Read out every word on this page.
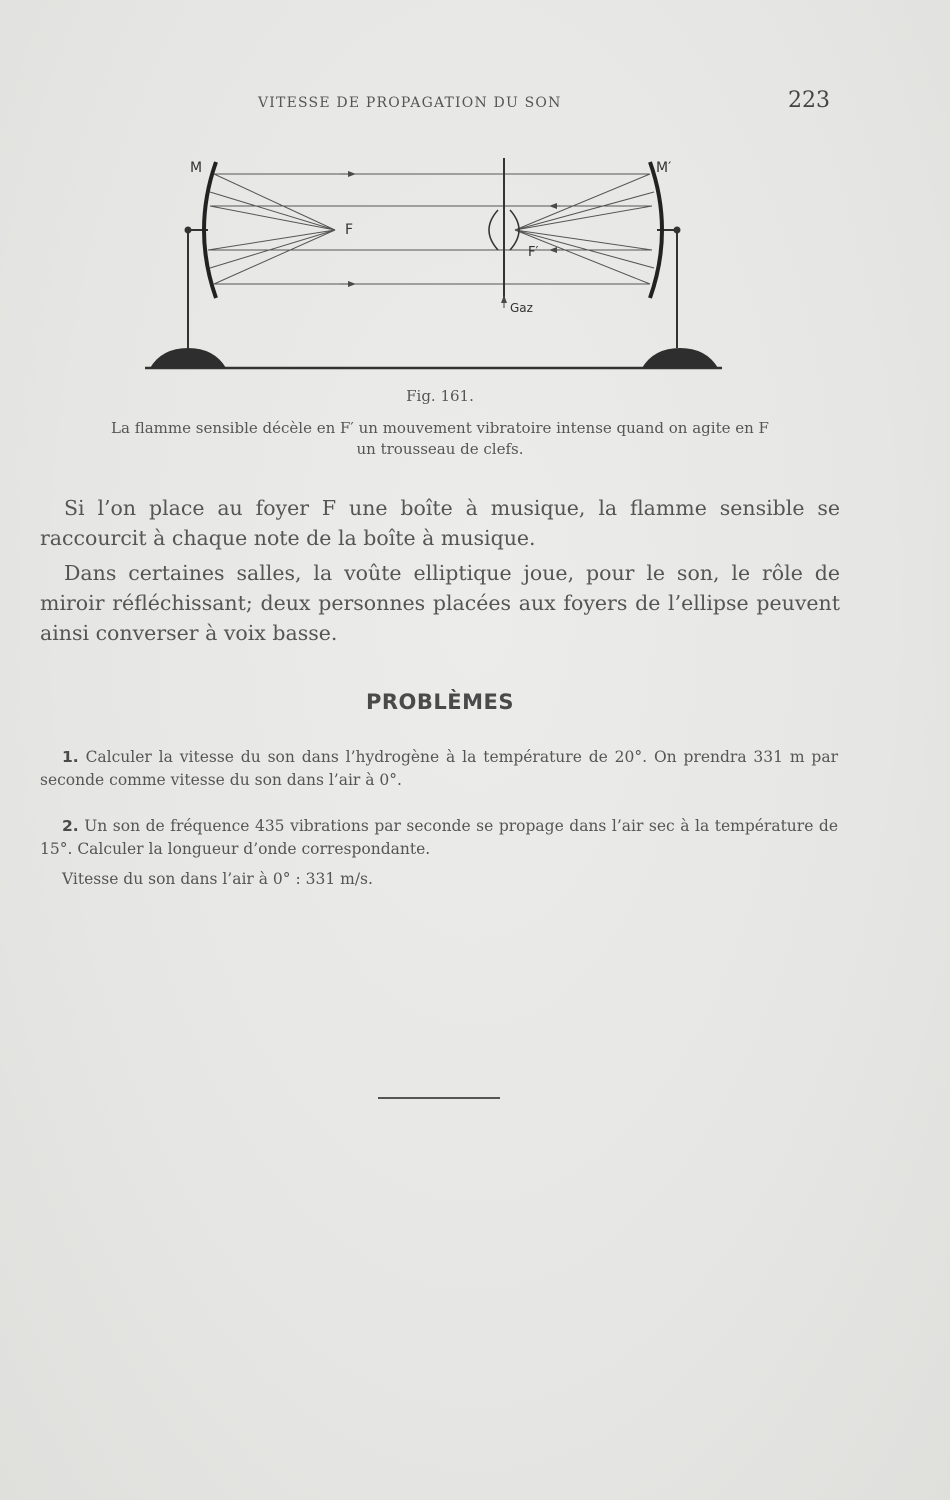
VITESSE DE PROPAGATION DU SON	223
M	M′
F
F′
Gaz
Fig. 161.
La flamme sensible décèle en F′ un mouvement vibratoire intense quand on agite en F un trousseau de clefs.

Si l’on place au foyer F une boîte à musique, la flamme sensible se raccourcit à chaque note de la boîte à musique.

Dans certaines salles, la voûte elliptique joue, pour le son, le rôle de miroir réfléchissant; deux personnes placées aux foyers de l’ellipse peuvent ainsi converser à voix basse.

PROBLÈMES

1. Calculer la vitesse du son dans l’hydrogène à la température de 20°. On prendra 331 m par seconde comme vitesse du son dans l’air à 0°.

2. Un son de fréquence 435 vibrations par seconde se propage dans l’air sec à la température de 15°. Calculer la longueur d’onde correspondante.

Vitesse du son dans l’air à 0° : 331 m/s.
